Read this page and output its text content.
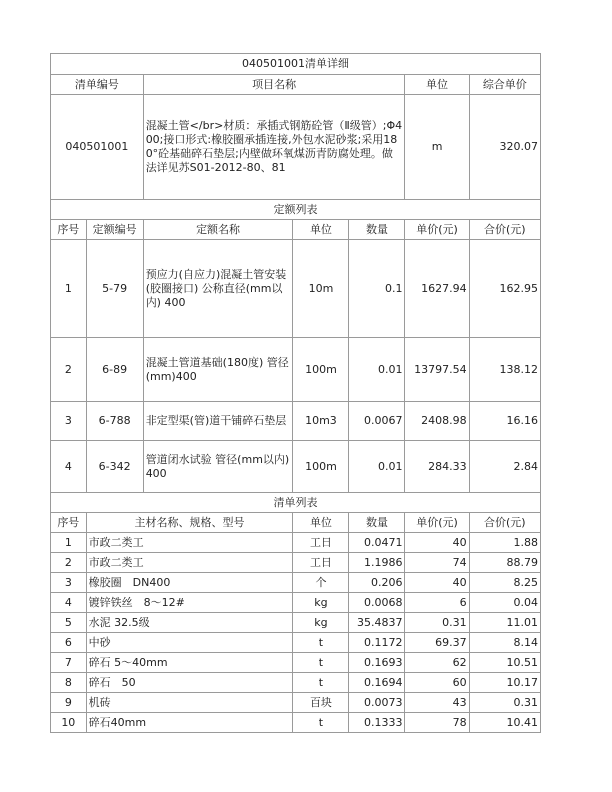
040501001清单详细						
清单编号		项目名称			单位	综合单价
040501001		混凝土管</br>材质：承插式钢筋砼管（Ⅱ级管）;Φ400;接口形式:橡胶圈承插连接,外包水泥砂浆;采用180°砼基础碎石垫层;内壁做环氧煤沥青防腐处理。做法详见苏S01-2012-80、81			m	320.07
定额列表						
序号	定额编号	定额名称	单位	数量	单价(元)	合价(元)
1	5-79	预应力(自应力)混凝土管安装(胶圈接口) 公称直径(mm以内) 400	10m	0.1	1627.94	162.95
2	6-89	混凝土管道基础(180度) 管径(mm)400	100m	0.01	13797.54	138.12
3	6-788	非定型渠(管)道干铺碎石垫层	10m3	0.0067	2408.98	16.16
4	6-342	管道闭水试验 管径(mm以内) 400	100m	0.01	284.33	2.84
清单列表						
序号	主材名称、规格、型号		单位	数量	单价(元)	合价(元)
1	市政二类工		工日	0.0471	40	1.88
2	市政二类工		工日	1.1986	74	88.79
3	橡胶圈　DN400		个	0.206	40	8.25
4	镀锌铁丝　8～12#		kg	0.0068	6	0.04
5	水泥 32.5级		kg	35.4837	0.31	11.01
6	中砂		t	0.1172	69.37	8.14
7	碎石 5～40mm		t	0.1693	62	10.51
8	碎石　50		t	0.1694	60	10.17
9	机砖		百块	0.0073	43	0.31
10	碎石40mm		t	0.1333	78	10.41
